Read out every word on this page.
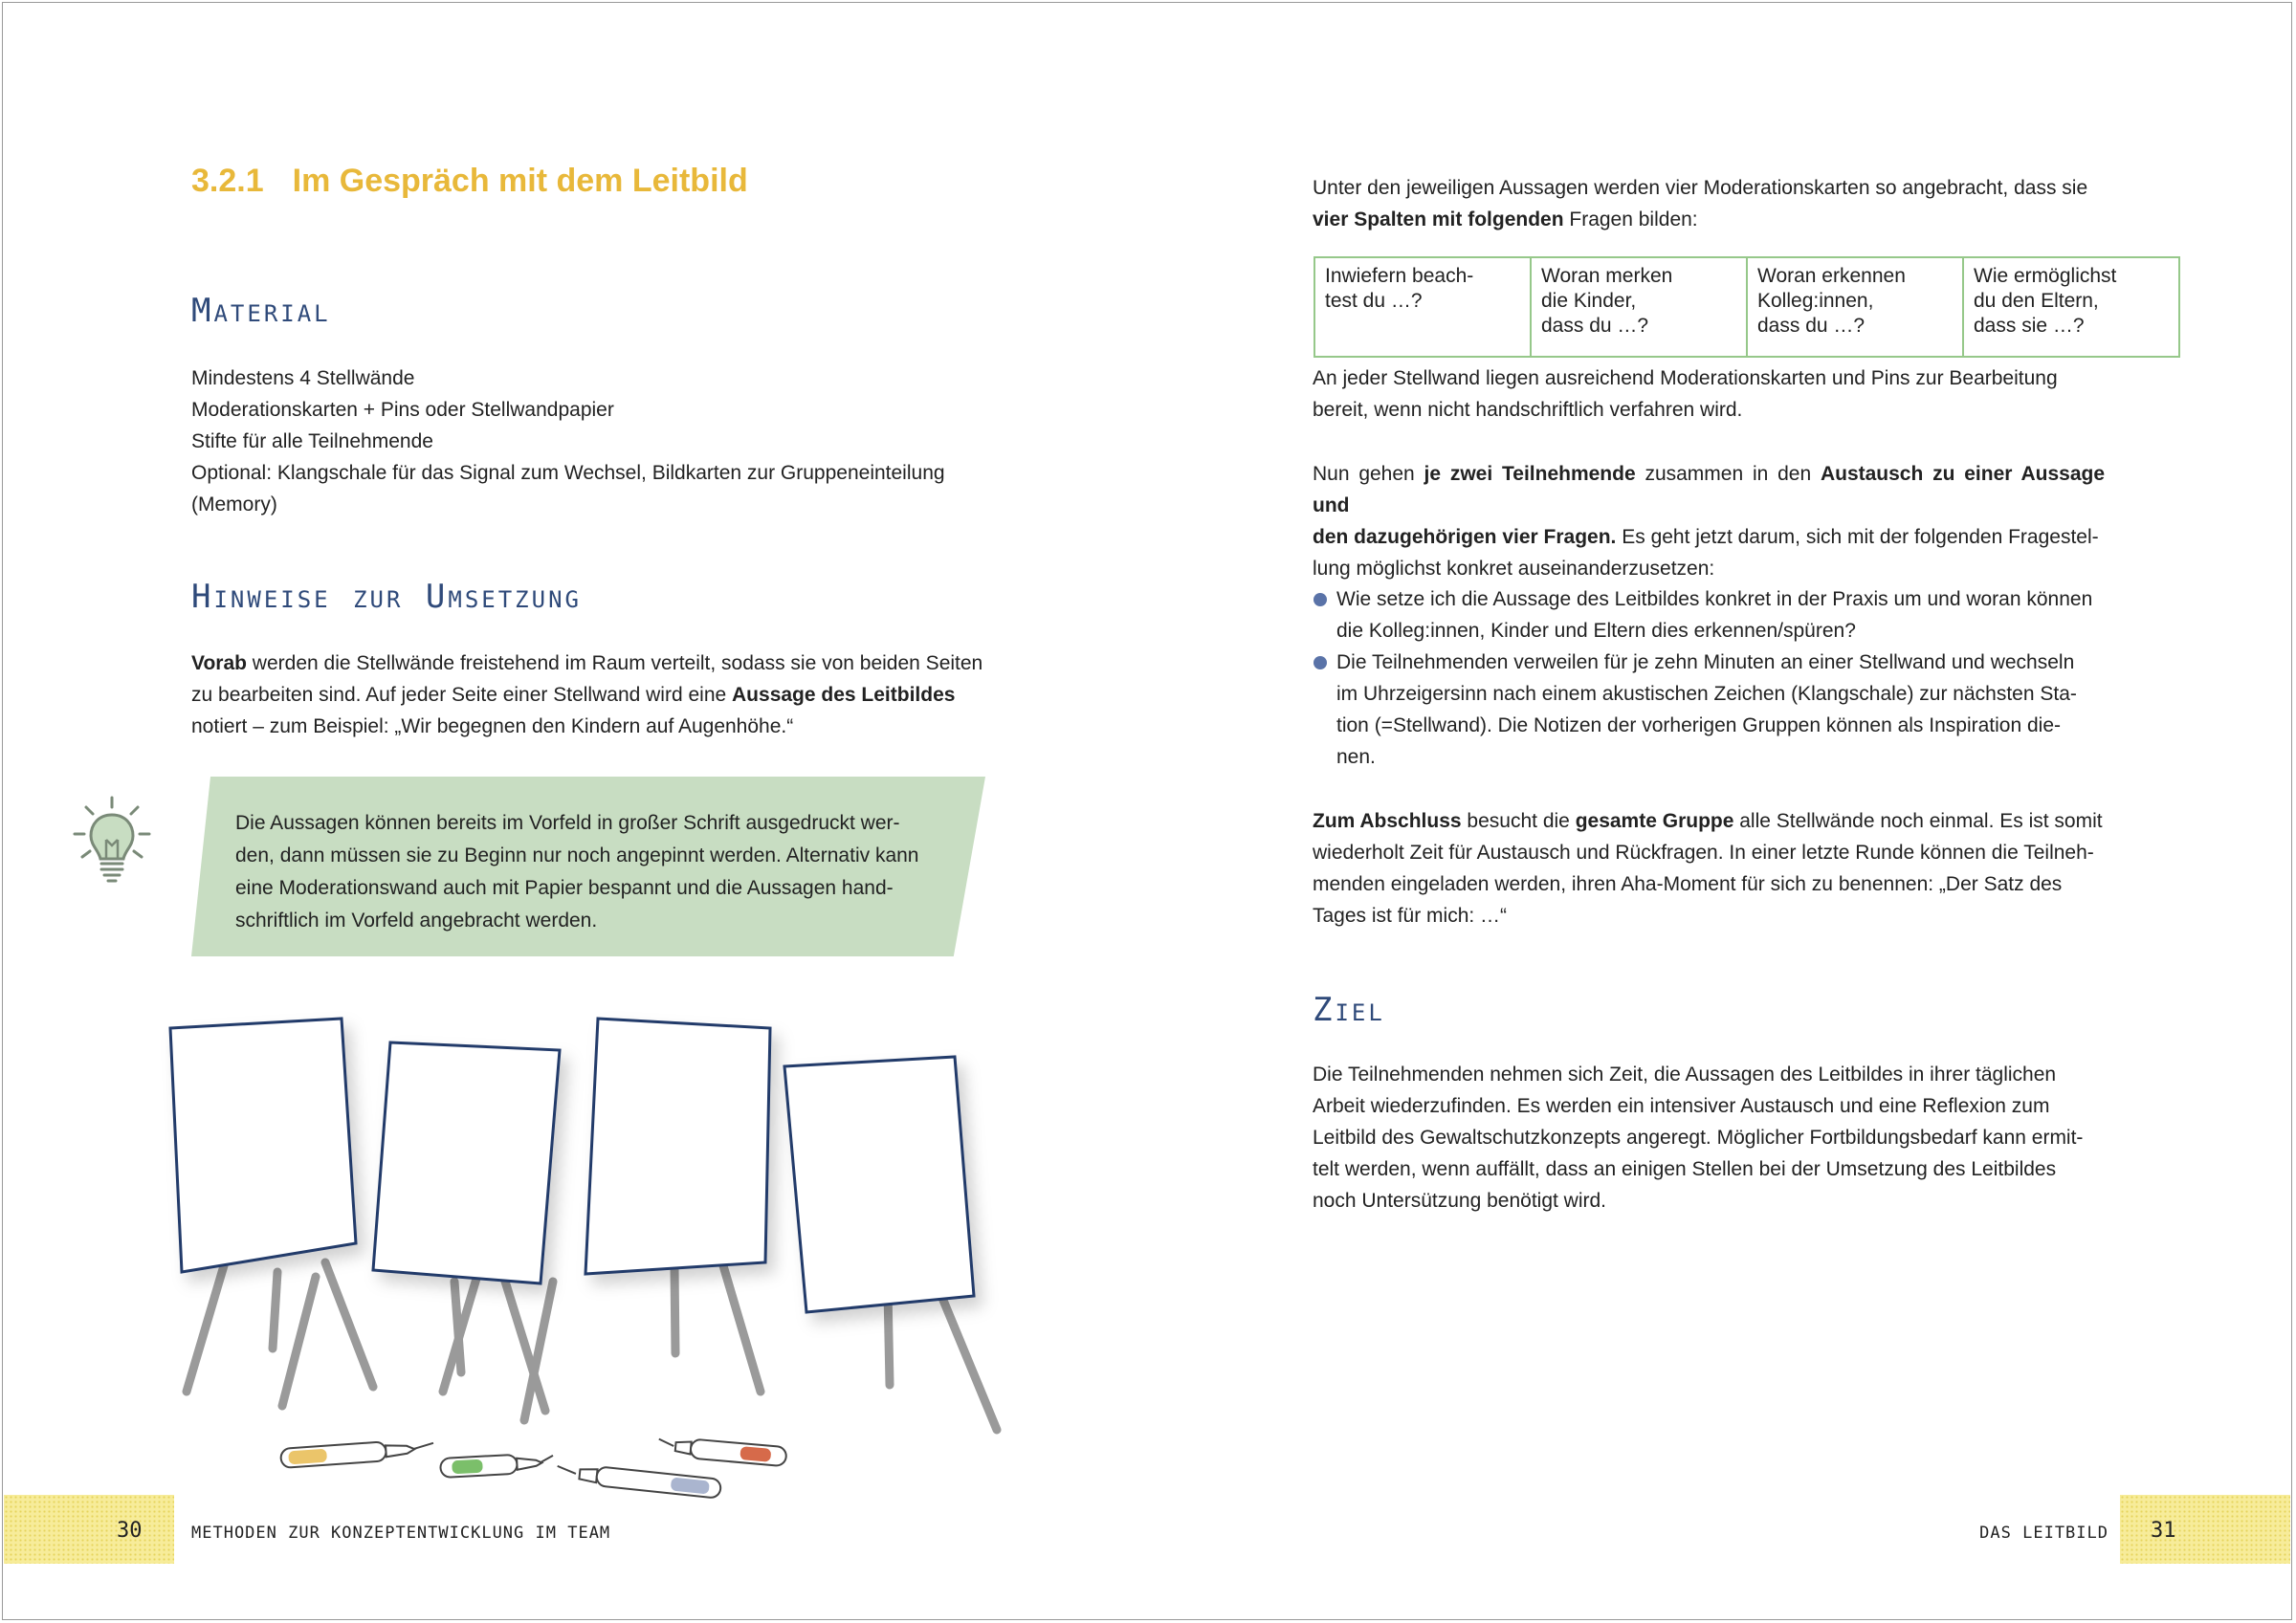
3.2.1 Im Gespräch mit dem Leitbild
Material
Mindestens 4 Stellwände
Moderationskarten + Pins oder Stellwandpapier
Stifte für alle Teilnehmende
Optional: Klangschale für das Signal zum Wechsel, Bildkarten zur Gruppeneinteilung
(Memory)
Hinweise zur Umsetzung
Vorab werden die Stellwände freistehend im Raum verteilt, sodass sie von beiden Seiten
zu bearbeiten sind. Auf jeder Seite einer Stellwand wird eine Aussage des Leitbildes
notiert – zum Beispiel: „Wir begegnen den Kindern auf Augenhöhe.“
Die Aussagen können bereits im Vorfeld in großer Schrift ausgedruckt wer-
den, dann müssen sie zu Beginn nur noch angepinnt werden. Alternativ kann
eine Moderationswand auch mit Papier bespannt und die Aussagen hand-
schriftlich im Vorfeld angebracht werden.
30	METHODEN ZUR KONZEPTENTWICKLUNG IM TEAM
Unter den jeweiligen Aussagen werden vier Moderationskarten so angebracht, dass sie
vier Spalten mit folgenden Fragen bilden:
Inwiefern beach-
test du …?

Woran merken
die Kinder,
dass du …?

Woran erkennen
Kolleg:innen,
dass du …?

Wie ermöglichst
du den Eltern,
dass sie …?
An jeder Stellwand liegen ausreichend Moderationskarten und Pins zur Bearbeitung
bereit, wenn nicht handschriftlich verfahren wird.
Nun gehen je zwei Teilnehmende zusammen in den Austausch zu einer Aussage und
den dazugehörigen vier Fragen. Es geht jetzt darum, sich mit der folgenden Fragestel-
lung möglichst konkret auseinanderzusetzen:
Wie setze ich die Aussage des Leitbildes konkret in der Praxis um und woran können
die Kolleg:innen, Kinder und Eltern dies erkennen/spüren?
Die Teilnehmenden verweilen für je zehn Minuten an einer Stellwand und wechseln
im Uhrzeigersinn nach einem akustischen Zeichen (Klangschale) zur nächsten Sta-
tion (=Stellwand). Die Notizen der vorherigen Gruppen können als Inspiration die-
nen.
Zum Abschluss besucht die gesamte Gruppe alle Stellwände noch einmal. Es ist somit
wiederholt Zeit für Austausch und Rückfragen. In einer letzte Runde können die Teilneh-
menden eingeladen werden, ihren Aha-Moment für sich zu benennen: „Der Satz des
Tages ist für mich: …“
Ziel
Die Teilnehmenden nehmen sich Zeit, die Aussagen des Leitbildes in ihrer täglichen
Arbeit wiederzufinden. Es werden ein intensiver Austausch und eine Reflexion zum
Leitbild des Gewaltschutzkonzepts angeregt. Möglicher Fortbildungsbedarf kann ermit-
telt werden, wenn auffällt, dass an einigen Stellen bei der Umsetzung des Leitbildes
noch Untersützung benötigt wird.
DAS LEITBILD 31
